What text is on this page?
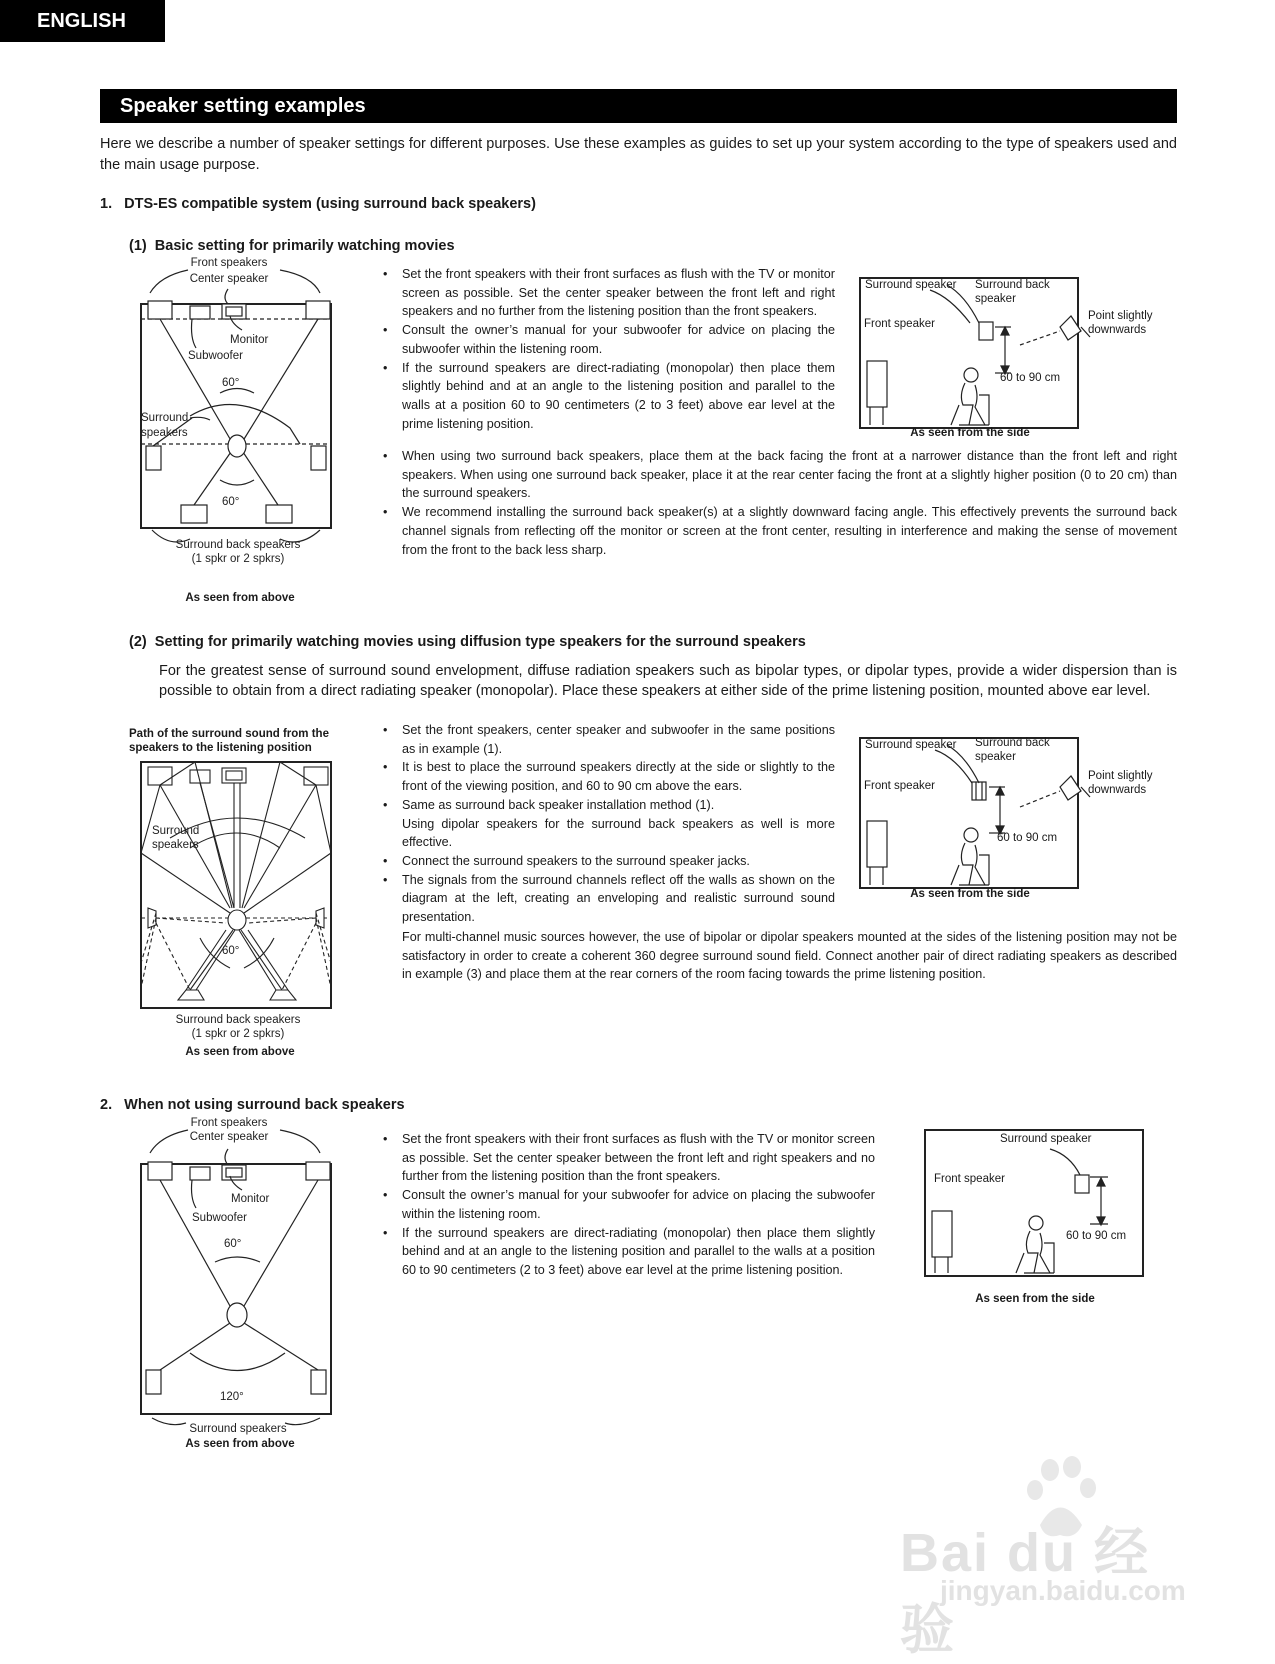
ENGLISH
Speaker setting examples
Here we describe a number of speaker settings for different purposes. Use these examples as guides to set up your system according to the type of speakers used and the main usage purpose.
1.   DTS-ES compatible system (using surround back speakers)
(1)  Basic setting for primarily watching movies
Front speakers
Center speaker
Monitor
Subwoofer
60°
Surround
speakers
60°
Surround back speakers
(1 spkr or 2 spkrs)
As seen from above
• Set the front speakers with their front surfaces as flush with the TV or monitor screen as possible. Set the center speaker between the front left and right speakers and no further from the listening position than the front speakers.
• Consult the owner’s manual for your subwoofer for advice on placing the subwoofer within the listening room.
• If the surround speakers are direct-radiating (monopolar) then place them slightly behind and at an angle to the listening position and parallel to the walls at a position 60 to 90 centimeters (2 to 3 feet) above ear level at the prime listening position.
• When using two surround back speakers, place them at the back facing the front at a narrower distance than the front left and right speakers. When using one surround back speaker, place it at the rear center facing the front at a slightly higher position (0 to 20 cm) than the surround speakers.
• We recommend installing the surround back speaker(s) at a slightly downward facing angle. This effectively prevents the surround back channel signals from reflecting off the monitor or screen at the front center, resulting in interference and making the sense of movement from the front to the back less sharp.
Surround speaker Surround back
speaker
Point slightly
downwards
Front speaker
60 to 90 cm
As seen from the side
(2)  Setting for primarily watching movies using diffusion type speakers for the surround speakers
For the greatest sense of surround sound envelopment, diffuse radiation speakers such as bipolar types, or dipolar types, provide a wider dispersion than is possible to obtain from a direct radiating speaker (monopolar). Place these speakers at either side of the prime listening position, mounted above ear level.
Path of the surround sound from the
speakers to the listening position
Surround
speakers
60°
Surround back speakers
(1 spkr or 2 spkrs)
As seen from above
• Set the front speakers, center speaker and subwoofer in the same positions as in example (1).
• It is best to place the surround speakers directly at the side or slightly to the front of the viewing position, and 60 to 90 cm above the ears.
• Same as surround back speaker installation method (1).
Using dipolar speakers for the surround back speakers as well is more effective.
• Connect the surround speakers to the surround speaker jacks.
• The signals from the surround channels reflect off the walls as shown on the diagram at the left, creating an enveloping and realistic surround sound presentation.
For multi-channel music sources however, the use of bipolar or dipolar speakers mounted at the sides of the listening position may not be satisfactory in order to create a coherent 360 degree surround sound field. Connect another pair of direct radiating speakers as described in example (3) and place them at the rear corners of the room facing towards the prime listening position.
Surround speaker Surround back
speaker
Point slightly
downwards
Front speaker
60 to 90 cm
As seen from the side
2.   When not using surround back speakers
Front speakers
Center speaker
Monitor
Subwoofer
60°
120°
Surround speakers
As seen from above
• Set the front speakers with their front surfaces as flush with the TV or monitor screen as possible. Set the center speaker between the front left and right speakers and no further from the listening position than the front speakers.
• Consult the owner’s manual for your subwoofer for advice on placing the subwoofer within the listening room.
• If the surround speakers are direct-radiating (monopolar) then place them slightly behind and at an angle to the listening position and parallel to the walls at a position 60 to 90 centimeters (2 to 3 feet) above ear level at the prime listening position.
Surround speaker
Front speaker
60 to 90 cm
As seen from the side
Bai du 经验
jingyan.baidu.com
